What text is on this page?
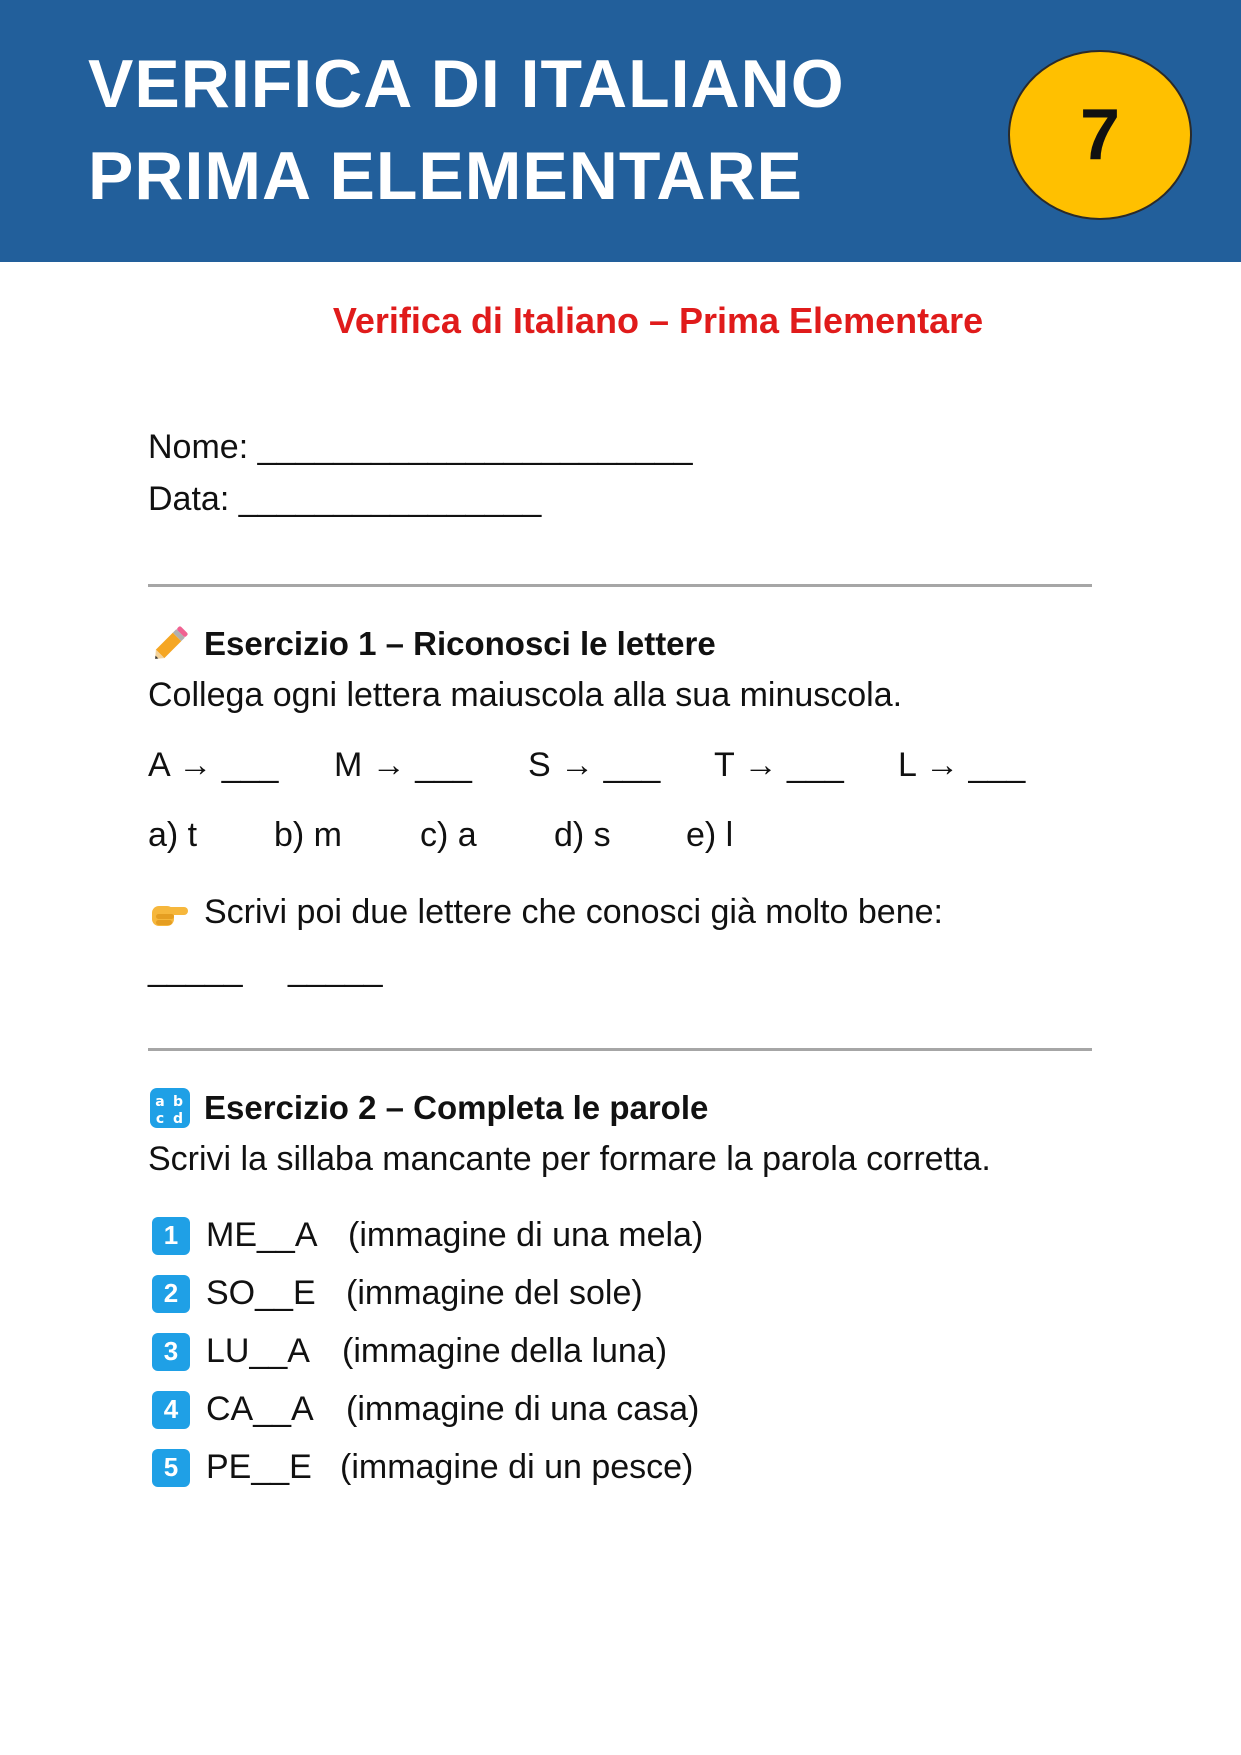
VERIFICA DI ITALIANO
PRIMA ELEMENTARE
7
Verifica di Italiano – Prima Elementare
Nome: _______________________
Data: ________________
Esercizio 1 – Riconosci le lettere
Collega ogni lettera maiuscola alla sua minuscola.
A → ___ M → ___ S → ___ T → ___ L → ___
a) t b) m c) a d) s e) l
Scrivi poi due lettere che conosci già molto bene:
_____ _____
a b
c d Esercizio 2 – Completa le parole
Scrivi la sillaba mancante per formare la parola corretta.
1 ME__A (immagine di una mela)
2 SO__E (immagine del sole)
3 LU__A (immagine della luna)
4 CA__A (immagine di una casa)
5 PE__E (immagine di un pesce)
